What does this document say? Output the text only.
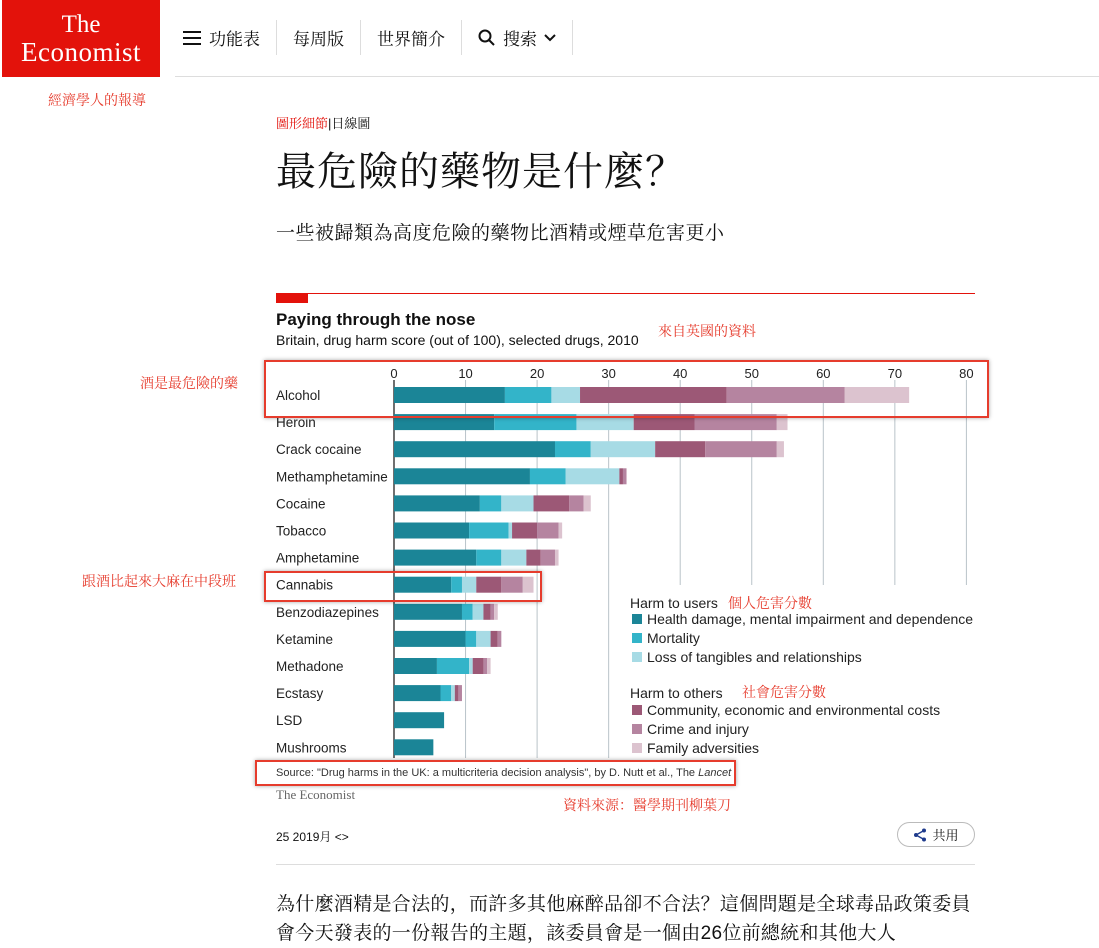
The
Economist	功能表 每周版 世界簡介	搜索
經濟學人的報導
圖形細節|日線圖
最危險的藥物是什麼？
一些被歸類為高度危險的藥物比酒精或煙草危害更小
Paying through the nose
Britain, drug harm score (out of 100), selected drugs, 2010
0	10	20	30	40	50	60	70	80
Alcohol
Heroin
Crack cocaine
Methamphetamine
Cocaine
Tobacco
Amphetamine
Cannabis
Benzodiazepines
Ketamine
Methadone
Ecstasy
LSD
Mushrooms
Harm to users
Harm to others
Health damage, mental impairment and dependence
Mortality
Loss of tangibles and relationships
Community, economic and environmental costs
Crime and injury
Family adversities
Source: "Drug harms in the UK: a multicriteria decision analysis", by D. Nutt et al., The Lancet
The Economist
來自英國的資料
酒是最危險的藥
跟酒比起來大麻在中段班
個人危害分數
社會危害分數
資料來源：醫學期刊柳葉刀
25 2019月 <>	共用
為什麼酒精是合法的，而許多其他麻醉品卻不合法？這個問題是全球毒品政策委員會今天發表的一份報告的主題，該委員會是一個由26位前總統和其他大人
